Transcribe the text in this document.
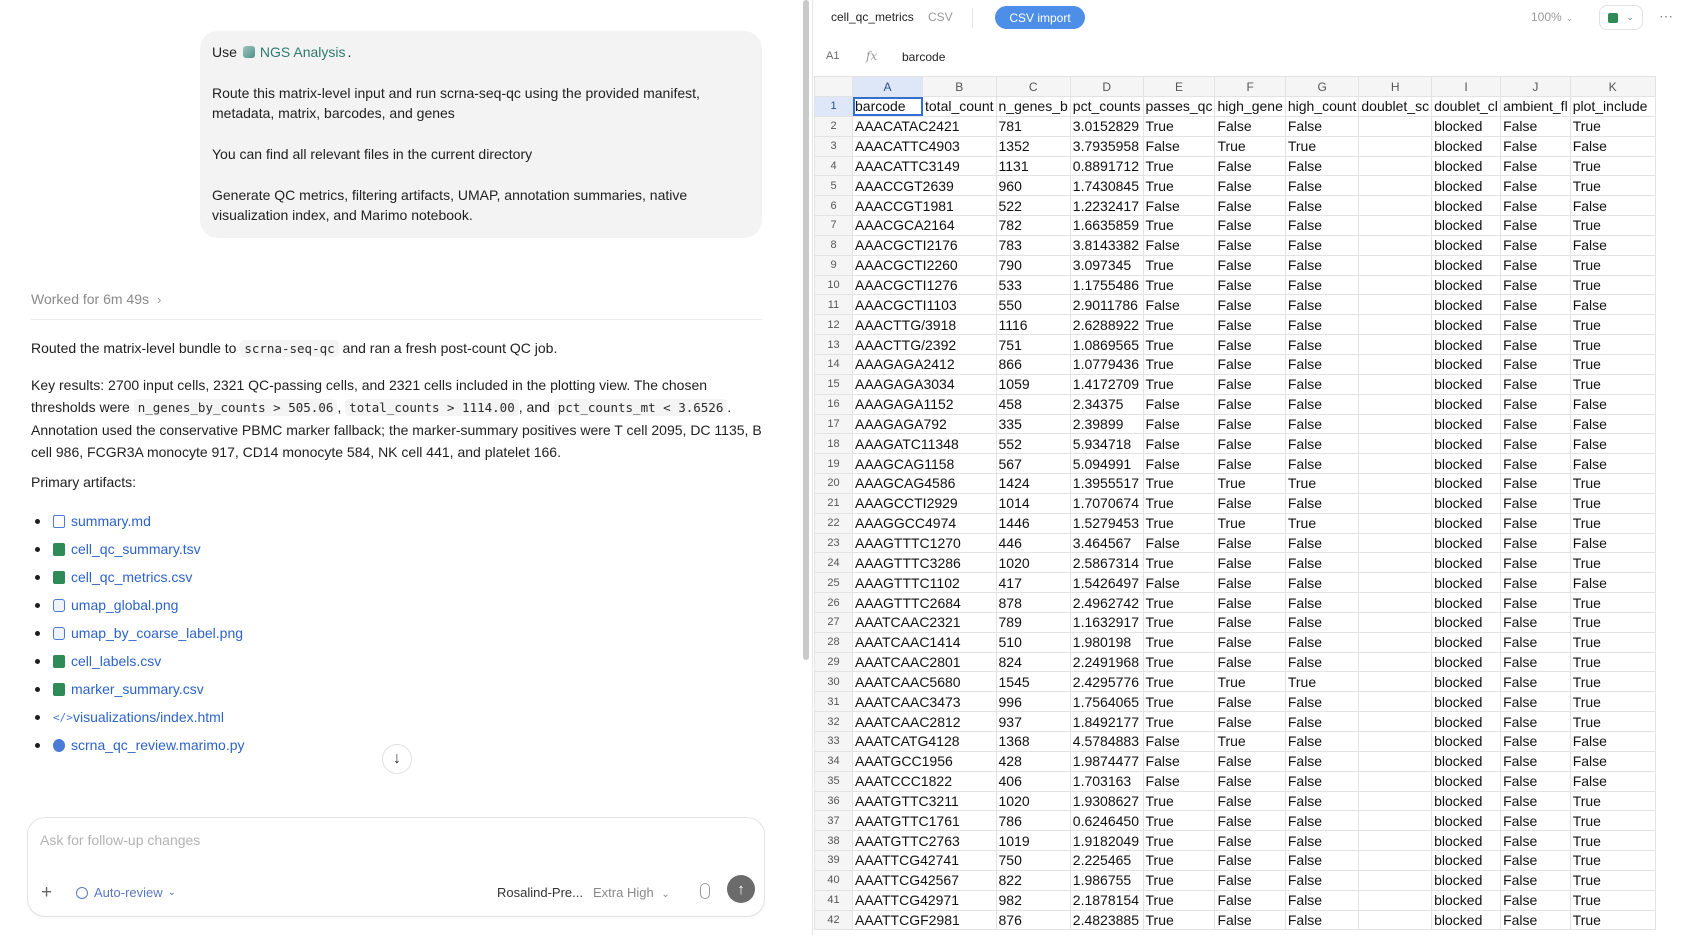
Use NGS Analysis .

Route this matrix-level input and run scrna-seq-qc using the provided manifest, metadata, matrix, barcodes, and genes

You can find all relevant files in the current directory

Generate QC metrics, filtering artifacts, UMAP, annotation summaries, native visualization index, and Marimo notebook.

Worked for 6m 49s ›

Routed the matrix-level bundle to scrna-seq-qc and ran a fresh post-count QC job.

Key results: 2700 input cells, 2321 QC-passing cells, and 2321 cells included in the plotting view. The chosen thresholds were n_genes_by_counts > 505.06 , total_counts > 1114.00 , and pct_counts_mt < 3.6526 . Annotation used the conservative PBMC marker fallback; the marker-summary positives were T cell 2095, DC 1135, B cell 986, FCGR3A monocyte 917, CD14 monocyte 584, NK cell 441, and platelet 166.

Primary artifacts:

summary.md
cell_qc_summary.tsv
cell_qc_metrics.csv
umap_global.png
umap_by_coarse_label.png
cell_labels.csv
marker_summary.csv
</> visualizations/index.html
scrna_qc_review.marimo.py
↓
Ask for follow-up changes
+	Auto-review ⌄	Rosalind-Pre... Extra High ⌄	↑
cell_qc_metrics CSV	CSV import	100% ⌄	⌄ ⋯
A1 fx barcode
	A	B	C	D	E	F	G	H	I	J	K
1	barcode	total_count	n_genes_b	pct_counts	passes_qc	high_gene	high_count	doublet_sc	doublet_cl	ambient_fl	plot_include
2	AAACATAC2421		781	3.0152829	True	False	False		blocked	False	True
3	AAACATTC4903		1352	3.7935958	False	True	True		blocked	False	False
4	AAACATTC3149		1131	0.8891712	True	False	False		blocked	False	True
5	AAACCGT2639		960	1.7430845	True	False	False		blocked	False	True
6	AAACCGT1981		522	1.2232417	False	False	False		blocked	False	False
7	AAACGCA2164		782	1.6635859	True	False	False		blocked	False	True
8	AAACGCTI2176		783	3.8143382	False	False	False		blocked	False	False
9	AAACGCTI2260		790	3.097345	True	False	False		blocked	False	True
10	AAACGCTI1276		533	1.1755486	True	False	False		blocked	False	True
11	AAACGCTI1103		550	2.9011786	False	False	False		blocked	False	False
12	AAACTTG/3918		1116	2.6288922	True	False	False		blocked	False	True
13	AAACTTG/2392		751	1.0869565	True	False	False		blocked	False	True
14	AAAGAGA2412		866	1.0779436	True	False	False		blocked	False	True
15	AAAGAGA3034		1059	1.4172709	True	False	False		blocked	False	True
16	AAAGAGA1152		458	2.34375	False	False	False		blocked	False	False
17	AAAGAGA792		335	2.39899	False	False	False		blocked	False	False
18	AAAGATC11348		552	5.934718	False	False	False		blocked	False	False
19	AAAGCAG1158		567	5.094991	False	False	False		blocked	False	False
20	AAAGCAG4586		1424	1.3955517	True	True	True		blocked	False	True
21	AAAGCCTI2929		1014	1.7070674	True	False	False		blocked	False	True
22	AAAGGCC4974		1446	1.5279453	True	True	True		blocked	False	True
23	AAAGTTTC1270		446	3.464567	False	False	False		blocked	False	False
24	AAAGTTTC3286		1020	2.5867314	True	False	False		blocked	False	True
25	AAAGTTTC1102		417	1.5426497	False	False	False		blocked	False	False
26	AAAGTTTC2684		878	2.4962742	True	False	False		blocked	False	True
27	AAATCAAC2321		789	1.1632917	True	False	False		blocked	False	True
28	AAATCAAC1414		510	1.980198	True	False	False		blocked	False	True
29	AAATCAAC2801		824	2.2491968	True	False	False		blocked	False	True
30	AAATCAAC5680		1545	2.4295776	True	True	True		blocked	False	True
31	AAATCAAC3473		996	1.7564065	True	False	False		blocked	False	True
32	AAATCAAC2812		937	1.8492177	True	False	False		blocked	False	True
33	AAATCATG4128		1368	4.5784883	False	True	False		blocked	False	False
34	AAATGCC1956		428	1.9874477	False	False	False		blocked	False	False
35	AAATCCC1822		406	1.703163	False	False	False		blocked	False	False
36	AAATGTTC3211		1020	1.9308627	True	False	False		blocked	False	True
37	AAATGTTC1761		786	0.6246450	True	False	False		blocked	False	True
38	AAATGTTC2763		1019	1.9182049	True	False	False		blocked	False	True
39	AAATTCG42741		750	2.225465	True	False	False		blocked	False	True
40	AAATTCG42567		822	1.986755	True	False	False		blocked	False	True
41	AAATTCG42971		982	2.1878154	True	False	False		blocked	False	True
42	AAATTCGF2981		876	2.4823885	True	False	False		blocked	False	True
